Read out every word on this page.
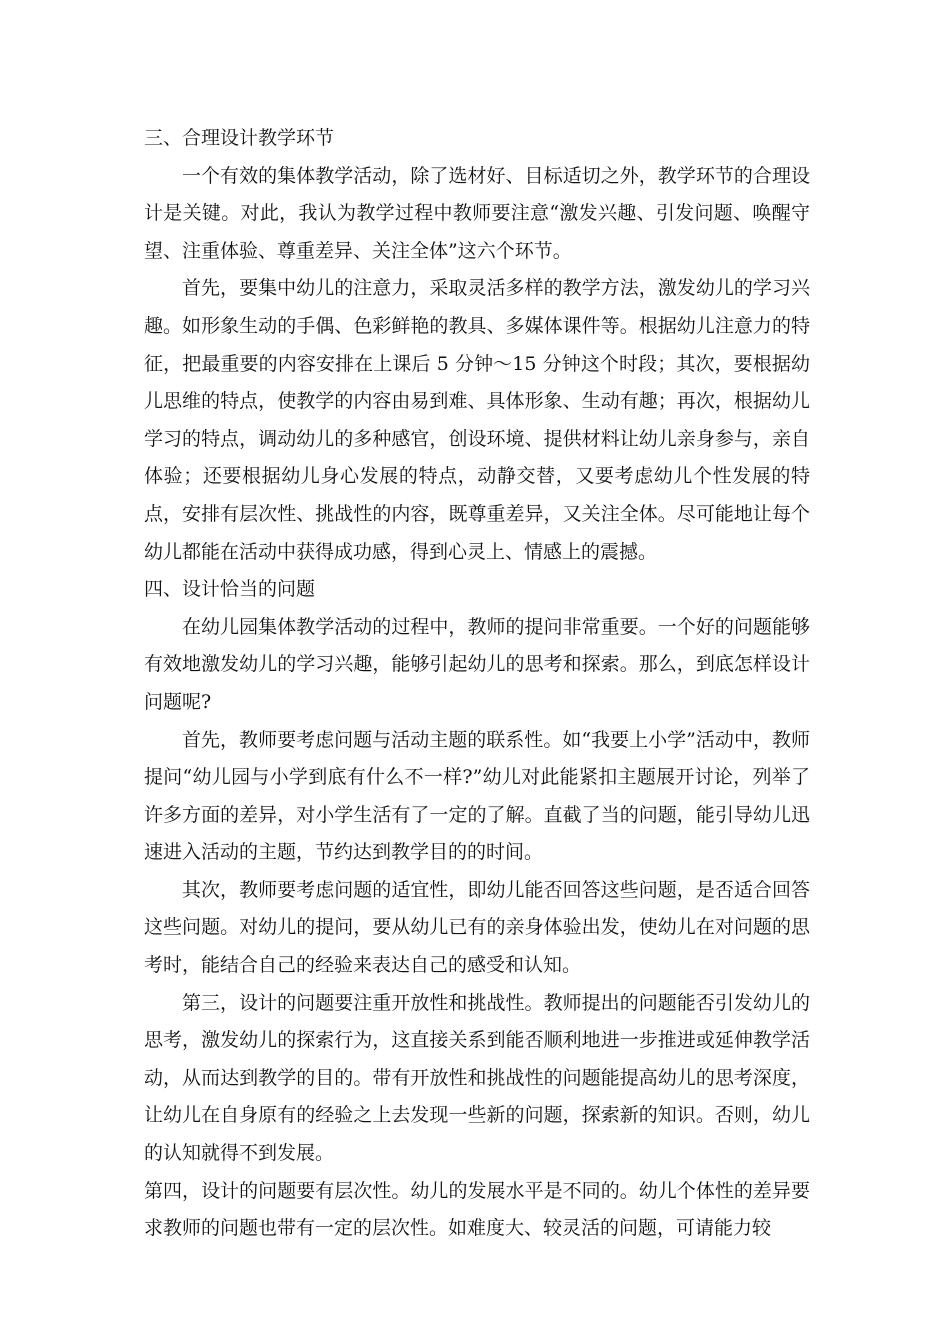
三、合理设计教学环节

一个有效的集体教学活动，除了选材好、目标适切之外，教学环节的合理设计是关键。对此，我认为教学过程中教师要注意“激发兴趣、引发问题、唤醒守望、注重体验、尊重差异、关注全体”这六个环节。

首先，要集中幼儿的注意力，采取灵活多样的教学方法，激发幼儿的学习兴趣。如形象生动的手偶、色彩鲜艳的教具、多媒体课件等。根据幼儿注意力的特征，把最重要的内容安排在上课后 5 分钟～15 分钟这个时段；其次，要根据幼儿思维的特点，使教学的内容由易到难、具体形象、生动有趣；再次，根据幼儿学习的特点，调动幼儿的多种感官，创设环境、提供材料让幼儿亲身参与，亲自体验；还要根据幼儿身心发展的特点，动静交替，又要考虑幼儿个性发展的特点，安排有层次性、挑战性的内容，既尊重差异，又关注全体。尽可能地让每个幼儿都能在活动中获得成功感，得到心灵上、情感上的震撼。

四、设计恰当的问题

在幼儿园集体教学活动的过程中，教师的提问非常重要。一个好的问题能够有效地激发幼儿的学习兴趣，能够引起幼儿的思考和探索。那么，到底怎样设计问题呢?

首先，教师要考虑问题与活动主题的联系性。如“我要上小学”活动中，教师提问“幼儿园与小学到底有什么不一样?”幼儿对此能紧扣主题展开讨论，列举了许多方面的差异，对小学生活有了一定的了解。直截了当的问题，能引导幼儿迅速进入活动的主题，节约达到教学目的的时间。

其次，教师要考虑问题的适宜性，即幼儿能否回答这些问题，是否适合回答这些问题。对幼儿的提问，要从幼儿已有的亲身体验出发，使幼儿在对问题的思考时，能结合自己的经验来表达自己的感受和认知。

第三，设计的问题要注重开放性和挑战性。教师提出的问题能否引发幼儿的思考，激发幼儿的探索行为，这直接关系到能否顺利地进一步推进或延伸教学活动，从而达到教学的目的。带有开放性和挑战性的问题能提高幼儿的思考深度，让幼儿在自身原有的经验之上去发现一些新的问题，探索新的知识。否则，幼儿的认知就得不到发展。

第四，设计的问题要有层次性。幼儿的发展水平是不同的。幼儿个体性的差异要求教师的问题也带有一定的层次性。如难度大、较灵活的问题，可请能力较
